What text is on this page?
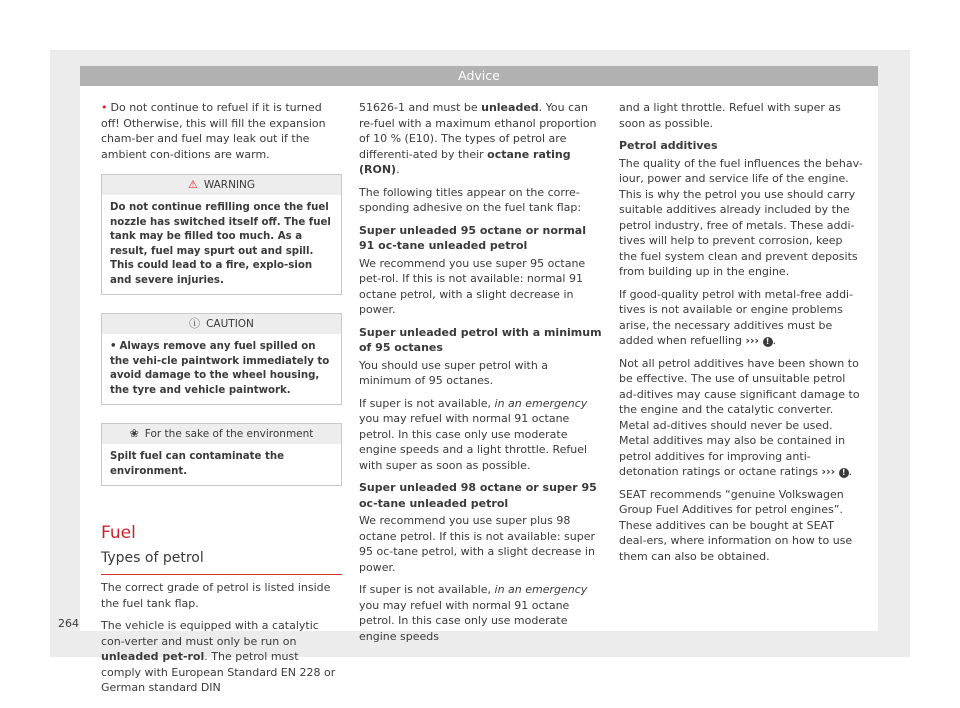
Advice

• Do not continue to refuel if it is turned off! Otherwise, this will fill the expansion cham-ber and fuel may leak out if the ambient con-ditions are warm.

⚠ WARNING
Do not continue refilling once the fuel nozzle has switched itself off. The fuel tank may be filled too much. As a result, fuel may spurt out and spill. This could lead to a fire, explo-sion and severe injuries.
ⓘ CAUTION
• Always remove any fuel spilled on the vehi-cle paintwork immediately to avoid damage to the wheel housing, the tyre and vehicle paintwork.
❀ For the sake of the environment
Spilt fuel can contaminate the environment.
Fuel
Types of petrol

The correct grade of petrol is listed inside the fuel tank flap.

The vehicle is equipped with a catalytic con-verter and must only be run on unleaded pet-rol. The petrol must comply with European Standard EN 228 or German standard DIN

51626-1 and must be unleaded. You can re-fuel with a maximum ethanol proportion of 10 % (E10). The types of petrol are differenti-ated by their octane rating (RON).

The following titles appear on the corre-sponding adhesive on the fuel tank flap:

Super unleaded 95 octane or normal 91 oc-tane unleaded petrol

We recommend you use super 95 octane pet-rol. If this is not available: normal 91 octane petrol, with a slight decrease in power.

Super unleaded petrol with a minimum of 95 octanes

You should use super petrol with a minimum of 95 octanes.

If super is not available, in an emergency you may refuel with normal 91 octane petrol. In this case only use moderate engine speeds and a light throttle. Refuel with super as soon as possible.

Super unleaded 98 octane or super 95 oc-tane unleaded petrol

We recommend you use super plus 98 octane petrol. If this is not available: super 95 oc-tane petrol, with a slight decrease in power.

If super is not available, in an emergency you may refuel with normal 91 octane petrol. In this case only use moderate engine speeds

and a light throttle. Refuel with super as soon as possible.

Petrol additives

The quality of the fuel influences the behav-iour, power and service life of the engine. This is why the petrol you use should carry suitable additives already included by the petrol industry, free of metals. These addi-tives will help to prevent corrosion, keep the fuel system clean and prevent deposits from building up in the engine.

If good-quality petrol with metal-free addi-tives is not available or engine problems arise, the necessary additives must be added when refuelling ››› ! .

Not all petrol additives have been shown to be effective. The use of unsuitable petrol ad-ditives may cause significant damage to the engine and the catalytic converter. Metal ad-ditives should never be used. Metal additives may also be contained in petrol additives for improving anti-detonation ratings or octane ratings ››› ! .

SEAT recommends “genuine Volkswagen Group Fuel Additives for petrol engines”. These additives can be bought at SEAT deal-ers, where information on how to use them can also be obtained.

264
